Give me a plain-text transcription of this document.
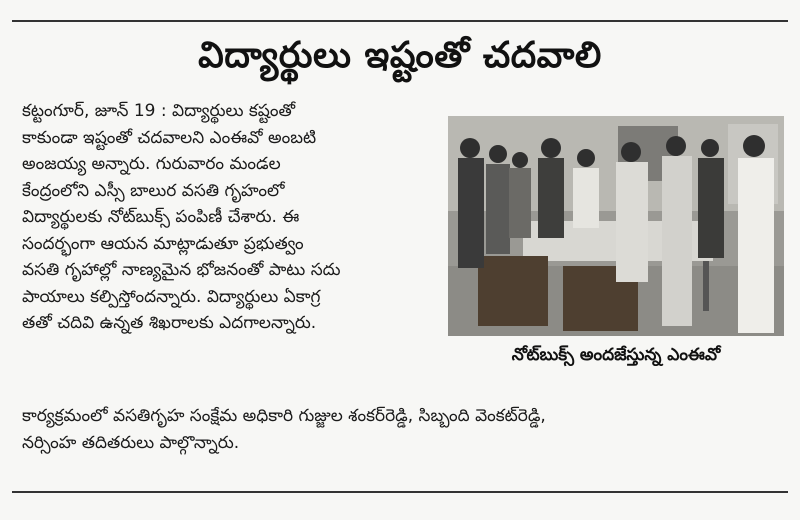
విద్యార్థులు ఇష్టంతో చదవాలి
కట్టంగూర్, జూన్ 19 : విద్యార్థులు కష్టంతో
కాకుండా ఇష్టంతో చదవాలని ఎంఈవో అంబటి
అంజయ్య అన్నారు. గురువారం మండల
కేంద్రంలోని ఎస్సీ బాలుర వసతి గృహంలో
విద్యార్థులకు నోట్‌బుక్స్ పంపిణీ చేశారు. ఈ
సందర్భంగా ఆయన మాట్లాడుతూ ప్రభుత్వం
వసతి గృహాల్లో నాణ్యమైన భోజనంతో పాటు సదు
పాయాలు కల్పిస్తోందన్నారు. విద్యార్థులు ఏకాగ్ర
తతో చదివి ఉన్నత శిఖరాలకు ఎదగాలన్నారు.
నోట్‌బుక్స్ అందజేస్తున్న ఎంఈవో
కార్యక్రమంలో వసతిగృహ సంక్షేమ అధికారి గుజ్జుల శంకర్‌రెడ్డి, సిబ్బంది వెంకట్‌రెడ్డి,
నర్సింహ తదితరులు పాల్గొన్నారు.
